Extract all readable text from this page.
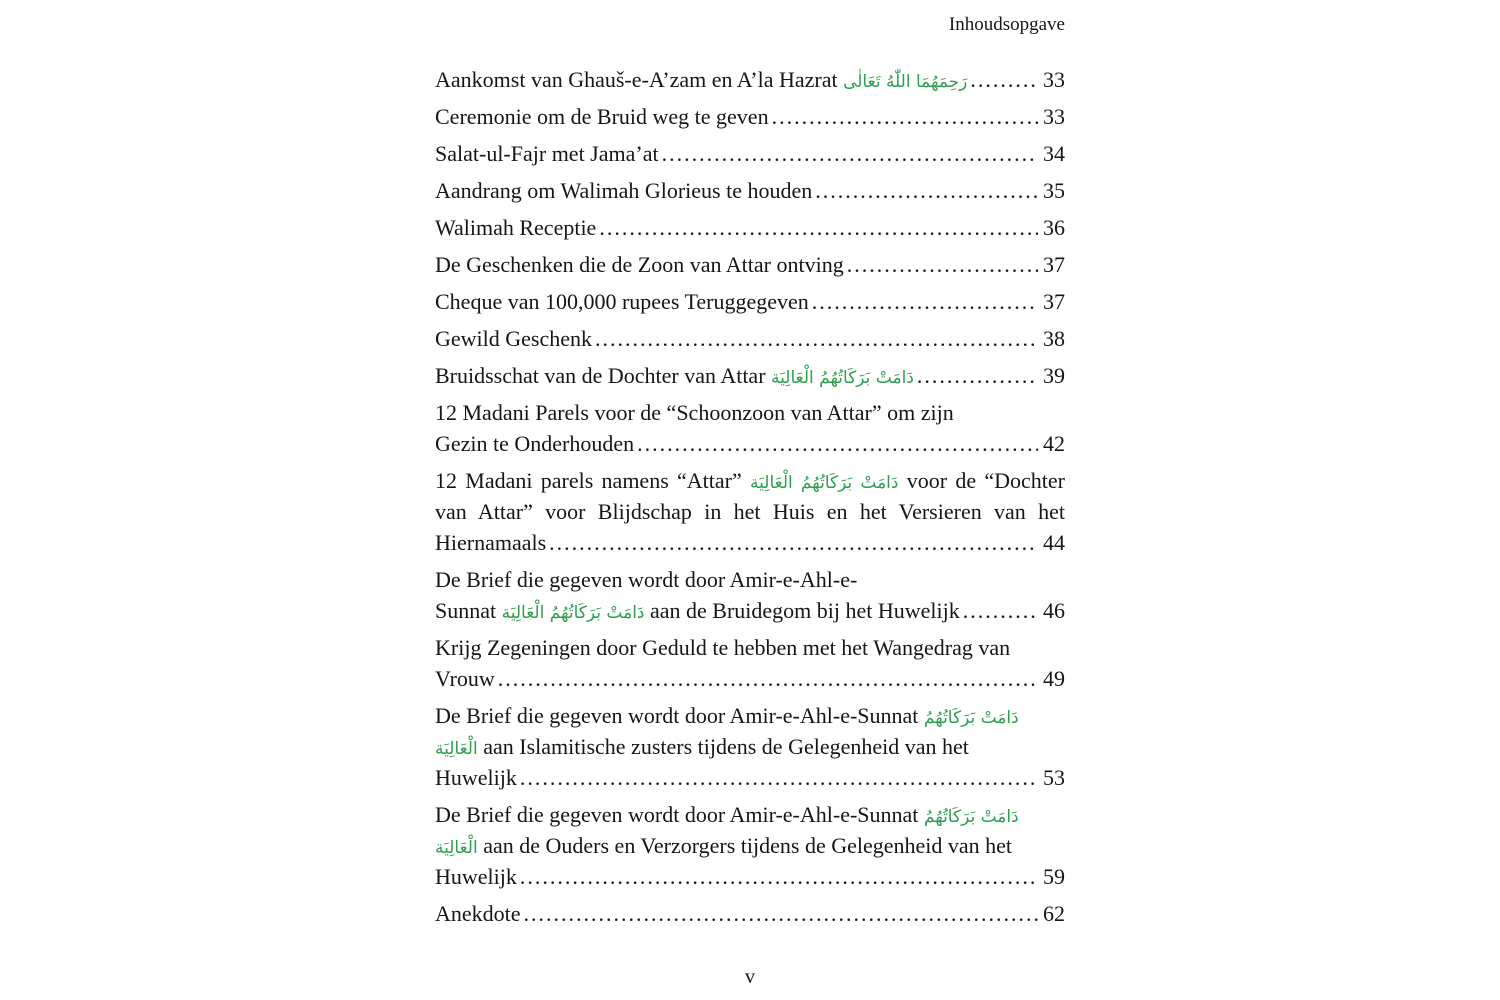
Inhoudsopgave
Aankomst van Ghauš-e-A’zam en A’la Hazrat رَحِمَهُمَا اللّٰهُ تَعَالٰى .....	33
Ceremonie om de Bruid weg te geven .....	33
Salat-ul-Fajr met Jama’at .....	34
Aandrang om Walimah Glorieus te houden .....	35
Walimah Receptie .....	36
De Geschenken die de Zoon van Attar ontving .....	37
Cheque van 100,000 rupees Teruggegeven .....	37
Gewild Geschenk .....	38
Bruidsschat van de Dochter van Attar دَامَتْ بَرَكَاتُهُمُ الْعَالِيَة .....	39
12 Madani Parels voor de “Schoonzoon van Attar” om zijn
Gezin te Onderhouden .....	42
12 Madani parels namens “Attar” دَامَتْ بَرَكَاتُهُمُ الْعَالِيَة voor de “Dochter
van Attar” voor Blijdschap in het Huis en het Versieren van het
Hiernamaals .....	44
De Brief die gegeven wordt door Amir-e-Ahl-e-
Sunnat دَامَتْ بَرَكَاتُهُمُ الْعَالِيَة aan de Bruidegom bij het Huwelijk .....	46
Krijg Zegeningen door Geduld te hebben met het Wangedrag van
Vrouw .....	49
De Brief die gegeven wordt door Amir-e-Ahl-e-Sunnat دَامَتْ بَرَكَاتُهُمُ
الْعَالِيَة aan Islamitische zusters tijdens de Gelegenheid van het
Huwelijk .....	53
De Brief die gegeven wordt door Amir-e-Ahl-e-Sunnat دَامَتْ بَرَكَاتُهُمُ
الْعَالِيَة aan de Ouders en Verzorgers tijdens de Gelegenheid van het
Huwelijk .....	59
Anekdote .....	62
v
